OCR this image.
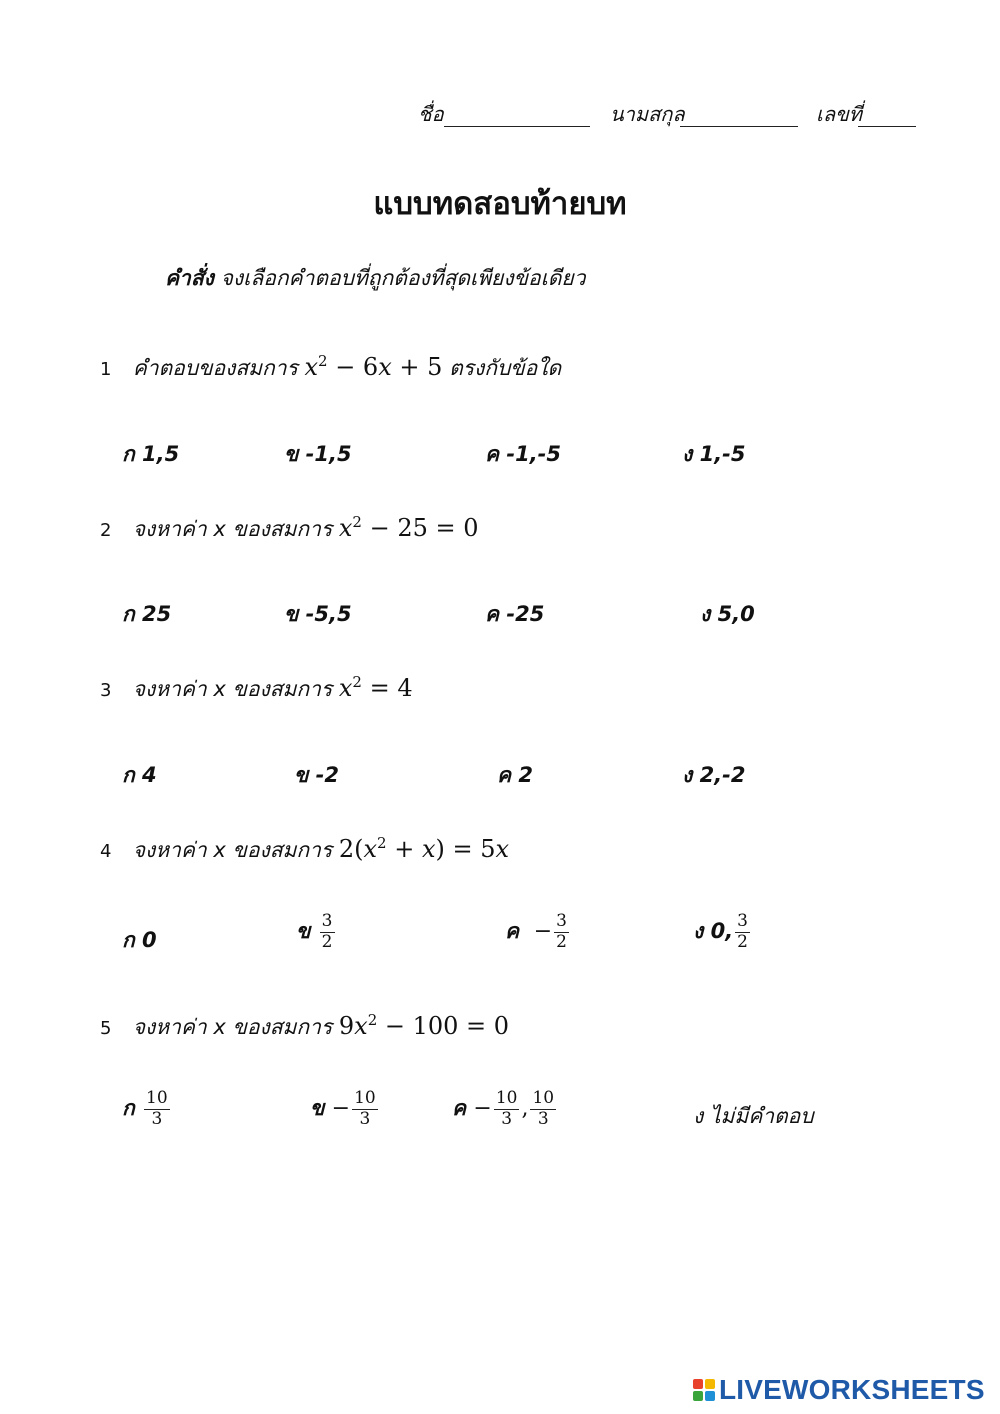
ชื่อ	นามสกุล	เลขที่
แบบทดสอบท้ายบท
คำสั่ง จงเลือกคำตอบที่ถูกต้องที่สุดเพียงข้อเดียว
1 คำตอบของสมการ $x^2 - 6x + 5$ ตรงกับข้อใด
ก 1,5	ข -1,5	ค -1,-5	ง 1,-5
2 จงหาค่า x ของสมการ $x^2 - 25 = 0$
ก 25	ข -5,5	ค -25	ง 5,0
3 จงหาค่า x ของสมการ $x^2 = 4$
ก 4	ข -2	ค 2	ง 2,-2
4 จงหาค่า x ของสมการ $2(x^2 + x) = 5x$
ก 0	ข $\frac{3}{2}$	ค − $\frac{3}{2}$	ง 0, $\frac{3}{2}$
5 จงหาค่า x ของสมการ $9x^2 - 100 = 0$
ก $\frac{10}{3}$	ข − $\frac{10}{3}$	ค − $\frac{10}{3}$ , $\frac{10}{3}$	ง ไม่มีคำตอบ
LIVEWORKSHEETS
